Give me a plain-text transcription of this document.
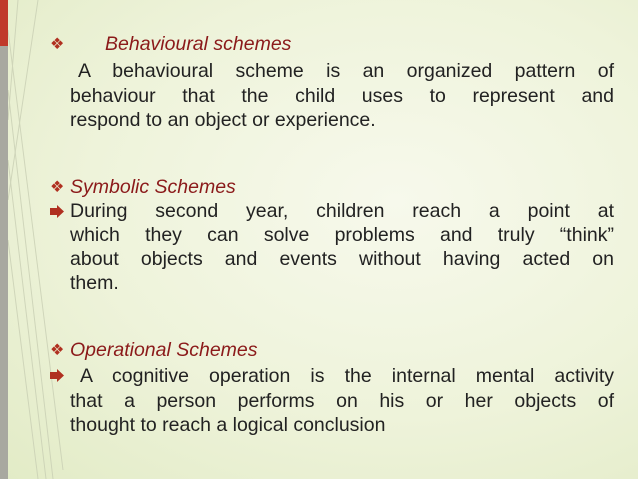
❖ Behavioural schemes
A behavioural scheme is an organized pattern of
behaviour that the child uses to represent and
respond to an object or experience.
❖ Symbolic Schemes
During second year, children reach a point at
which they can solve problems and truly “think”
about objects and events without having acted on
them.
❖ Operational Schemes
A cognitive operation is the internal mental activity
that a person performs on his or her objects of
thought to reach a logical conclusion
